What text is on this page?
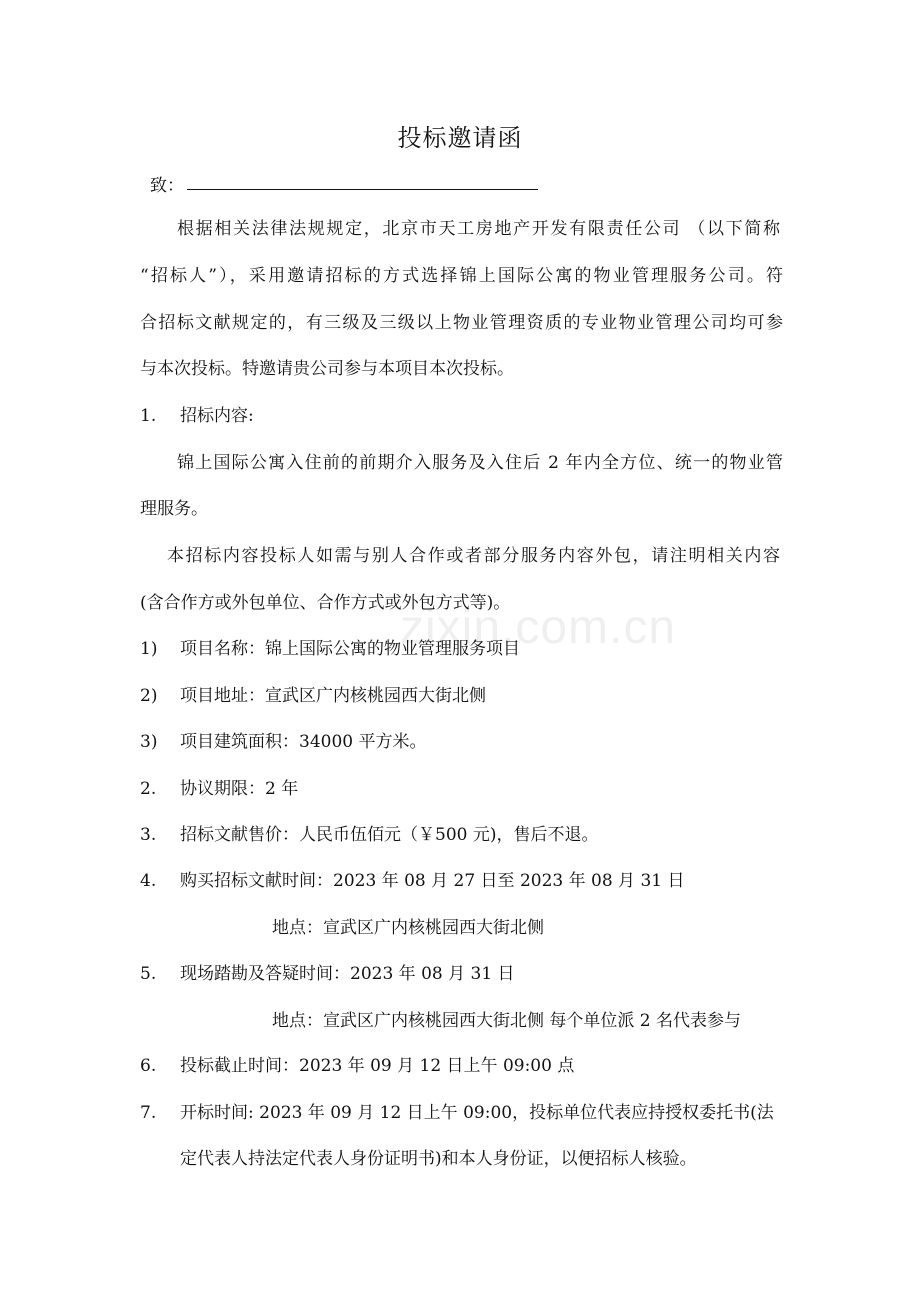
投标邀请函
致：
根据相关法律法规规定，北京市天工房地产开发有限责任公司 （以下简称
“招标人”），采用邀请招标的方式选择锦上国际公寓的物业管理服务公司。符
合招标文献规定的，有三级及三级以上物业管理资质的专业物业管理公司均可参
与本次投标。特邀请贵公司参与本项目本次投标。
1. 招标内容:
锦上国际公寓入住前的前期介入服务及入住后 2 年内全方位、统一的物业管
理服务。
本招标内容投标人如需与别人合作或者部分服务内容外包，请注明相关内容
(含合作方或外包单位、合作方式或外包方式等)。
1) 项目名称：锦上国际公寓的物业管理服务项目
2) 项目地址：宣武区广内核桃园西大街北侧
3) 项目建筑面积：34000 平方米。
2. 协议期限：2 年
3. 招标文献售价：人民币伍佰元（￥500 元)，售后不退。
4. 购买招标文献时间：2023 年 08 月 27 日至 2023 年 08 月 31 日
地点：宣武区广内核桃园西大街北侧
5. 现场踏勘及答疑时间：2023 年 08 月 31 日
地点：宣武区广内核桃园西大街北侧 每个单位派 2 名代表参与
6. 投标截止时间：2023 年 09 月 12 日上午 09:00 点
7. 开标时间: 2023 年 09 月 12 日上午 09:00，投标单位代表应持授权委托书(法
定代表人持法定代表人身份证明书)和本人身份证，以便招标人核验。
zixin.com.cn
